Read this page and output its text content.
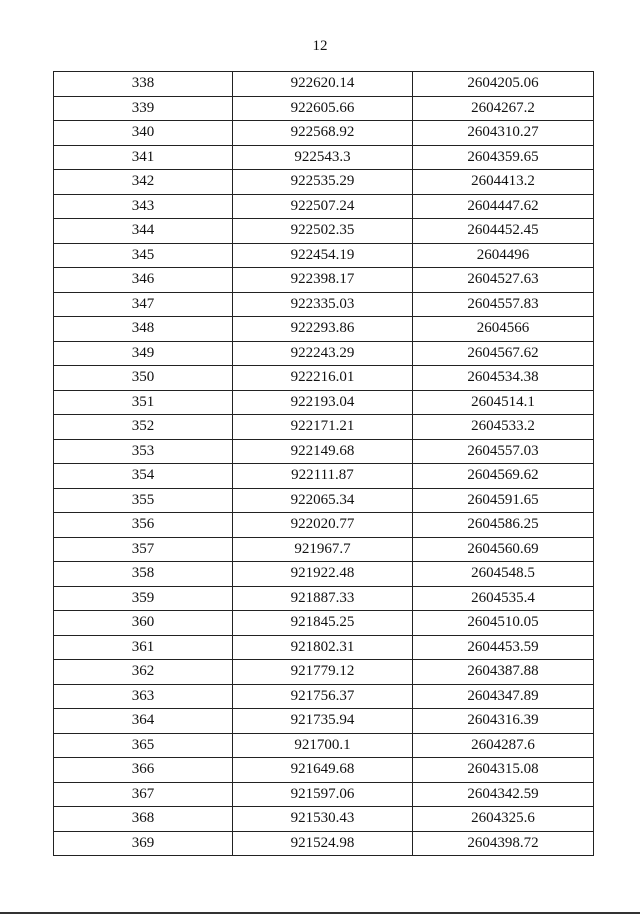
12
338	922620.14	2604205.06
339	922605.66	2604267.2
340	922568.92	2604310.27
341	922543.3	2604359.65
342	922535.29	2604413.2
343	922507.24	2604447.62
344	922502.35	2604452.45
345	922454.19	2604496
346	922398.17	2604527.63
347	922335.03	2604557.83
348	922293.86	2604566
349	922243.29	2604567.62
350	922216.01	2604534.38
351	922193.04	2604514.1
352	922171.21	2604533.2
353	922149.68	2604557.03
354	922111.87	2604569.62
355	922065.34	2604591.65
356	922020.77	2604586.25
357	921967.7	2604560.69
358	921922.48	2604548.5
359	921887.33	2604535.4
360	921845.25	2604510.05
361	921802.31	2604453.59
362	921779.12	2604387.88
363	921756.37	2604347.89
364	921735.94	2604316.39
365	921700.1	2604287.6
366	921649.68	2604315.08
367	921597.06	2604342.59
368	921530.43	2604325.6
369	921524.98	2604398.72
